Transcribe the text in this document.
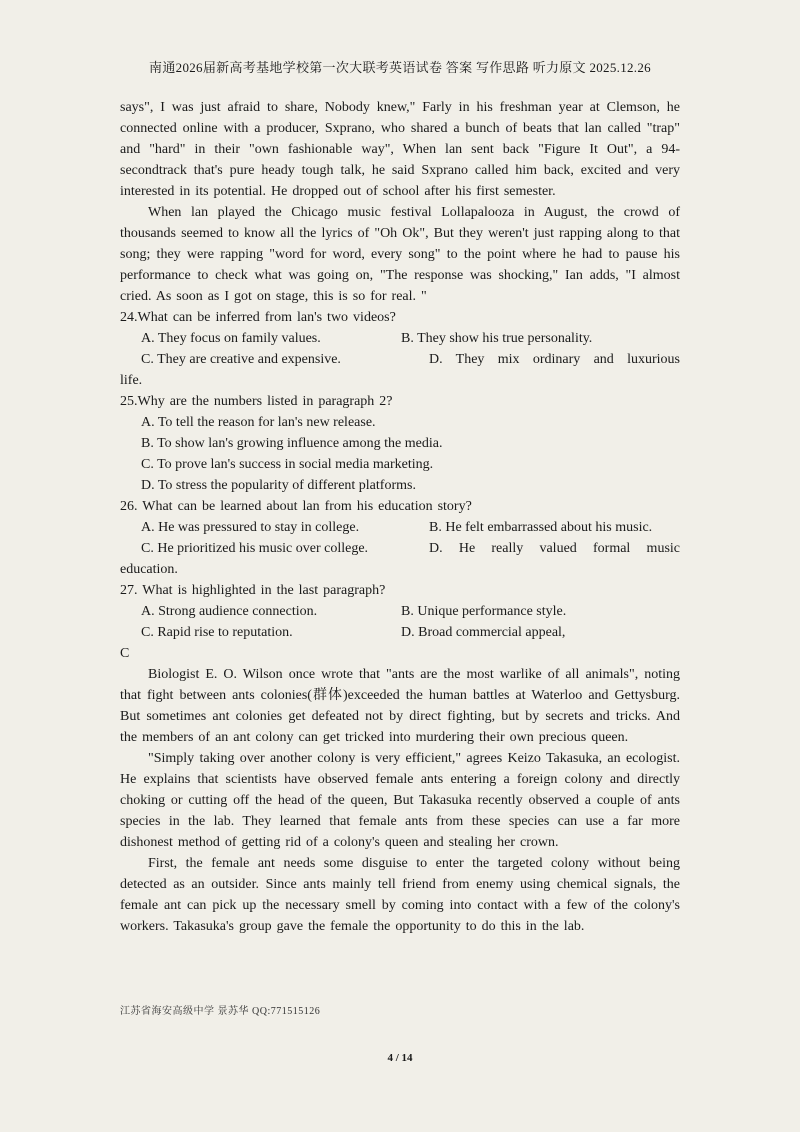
南通2026届新高考基地学校第一次大联考英语试卷 答案 写作思路 听力原文 2025.12.26

says", I was just afraid to share, Nobody knew," Farly in his freshman year at Clemson, he connected online with a producer, Sxprano, who shared a bunch of beats that lan called "trap" and "hard" in their "own fashionable way", When lan sent back "Figure It Out", a 94-secondtrack that's pure heady tough talk, he said Sxprano called him back, excited and very interested in its potential. He dropped out of school after his first semester.

When lan played the Chicago music festival Lollapalooza in August, the crowd of thousands seemed to know all the lyrics of "Oh Ok", But they weren't just rapping along to that song; they were rapping "word for word, every song" to the point where he had to pause his performance to check what was going on, "The response was shocking," Ian adds, "I almost cried. As soon as I got on stage, this is so for real. "

24.What can be inferred from lan's two videos?

A. They focus on family values.	B. They show his true personality.
C. They are creative and expensive.	D. They mix ordinary and luxurious
life.

25.Why are the numbers listed in paragraph 2?

A. To tell the reason for lan's new release.
B. To show lan's growing influence among the media.
C. To prove lan's success in social media marketing.
D. To stress the popularity of different platforms.

26. What can be learned about lan from his education story?

A. He was pressured to stay in college.	B. He felt embarrassed about his music.
C. He prioritized his music over college.	D. He really valued formal music
education.

27. What is highlighted in the last paragraph?

A. Strong audience connection.	B. Unique performance style.
C. Rapid rise to reputation.	D. Broad commercial appeal,

C

Biologist E. O. Wilson once wrote that "ants are the most warlike of all animals", noting that fight between ants colonies(群体)exceeded the human battles at Waterloo and Gettysburg. But sometimes ant colonies get defeated not by direct fighting, but by secrets and tricks. And the members of an ant colony can get tricked into murdering their own precious queen.

"Simply taking over another colony is very efficient," agrees Keizo Takasuka, an ecologist. He explains that scientists have observed female ants entering a foreign colony and directly choking or cutting off the head of the queen, But Takasuka recently observed a couple of ants species in the lab. They learned that female ants from these species can use a far more dishonest method of getting rid of a colony's queen and stealing her crown.

First, the female ant needs some disguise to enter the targeted colony without being detected as an outsider. Since ants mainly tell friend from enemy using chemical signals, the female ant can pick up the necessary smell by coming into contact with a few of the colony's workers. Takasuka's group gave the female the opportunity to do this in the lab.

江苏省海安高级中学 景苏华 QQ:771515126
4 / 14
